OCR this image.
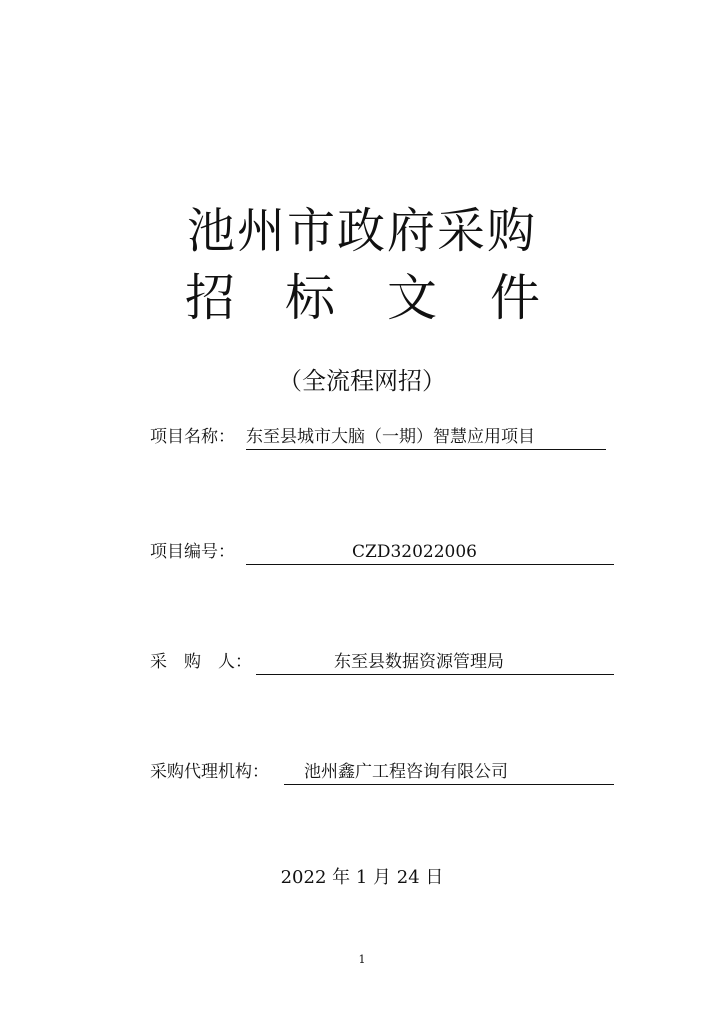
池州市政府采购
招 标 文 件
（全流程网招）
项目名称： 东至县城市大脑（一期）智慧应用项目
项目编号：	CZD32022006
采　购　人：	东至县数据资源管理局
采购代理机构： 池州鑫广工程咨询有限公司
2022 年 1 月 24 日
1
